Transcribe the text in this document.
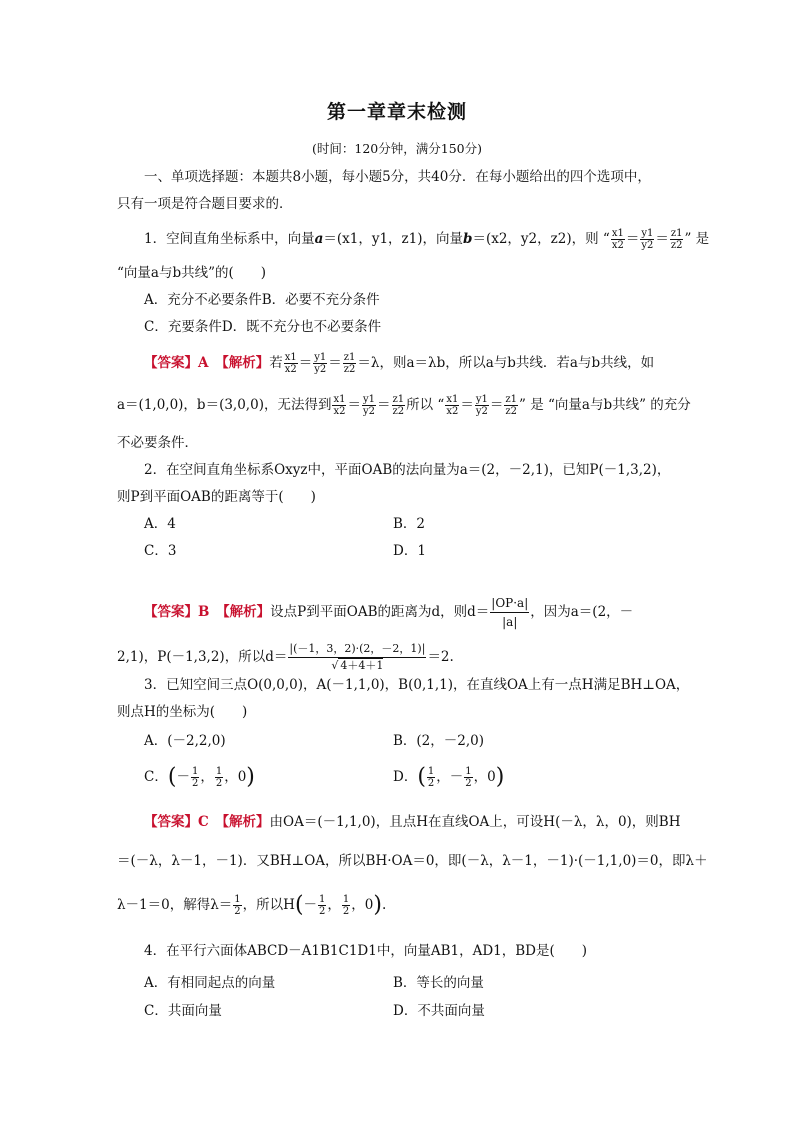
第一章章末检测
(时间：120分钟，满分150分)
一、单项选择题：本题共8小题，每小题5分，共40分．在每小题给出的四个选项中，
只有一项是符合题目要求的．
1．空间直角坐标系中，向量a＝(x1，y1，z1)，向量b＝(x2，y2，z2)，则 “ $\frac{x1}{x2} = \frac{y1}{y2} = \frac{z1}{z2}$ ” 是
“向量a与b共线”的(　　)
A．充分不必要条件B．必要不充分条件
C．充要条件D．既不充分也不必要条件
【答案】A　 【解析】若 $\frac{x1}{x2} = \frac{y1}{y2} = \frac{z1}{z2} =\lambda$，则a＝λb，所以a与b共线．若a与b共线，如
a＝(1,0,0)，b＝(3,0,0)，无法得到 $\frac{x1}{x2} = \frac{y1}{y2} = \frac{z1}{z2}$ 所以 “ $\frac{x1}{x2} = \frac{y1}{y2} = \frac{z1}{z2}$ ” 是 “向量a与b共线” 的充分
不必要条件．
2．在空间直角坐标系Oxyz中，平面OAB的法向量为a＝(2，－2,1)，已知P(－1,3,2)，
则P到平面OAB的距离等于(　　)
A．4	B．2
C．3	D．1
【答案】B　 【解析】设点P到平面OAB的距离为d，则$d= \frac{|OP\cdot a|}{|a|}$ ，因为a＝(2，－
2,1)，P(－1,3,2)，所以$d= \frac{|(-1,3,2)\cdot(2,-2,1)|}{√ 4+4+1} =2$.
3．已知空间三点O(0,0,0)，A(－1,1,0)，B(0,1,1)，在直线OA上有一点H满足BH⊥OA，
则点H的坐标为(　　)
A．(－2,2,0)	B．(2，－2,0)
C．(－ $\frac{1}{2}$ ， $\frac{1}{2}$ ，0)	D．( $\frac{1}{2}$ ，－ $\frac{1}{2}$ ，0)
【答案】C　 【解析】由OA＝(－1,1,0)，且点H在直线OA上，可设H(－λ，λ，0)，则BH
＝(－λ，λ－1，－1)．又BH⊥OA，所以BH·OA＝0，即(－λ，λ－1，－1)·(－1,1,0)＝0，即λ＋
λ－1＝0，解得$\lambda= \frac{1}{2}$ ，所以$H(- \frac{1}{2}$ ， $\frac{1}{2}$ ，0).
4．在平行六面体ABCD－A1B1C1D1中，向量AB1，AD1，BD是(　　)
A．有相同起点的向量	B．等长的向量
C．共面向量	D．不共面向量
